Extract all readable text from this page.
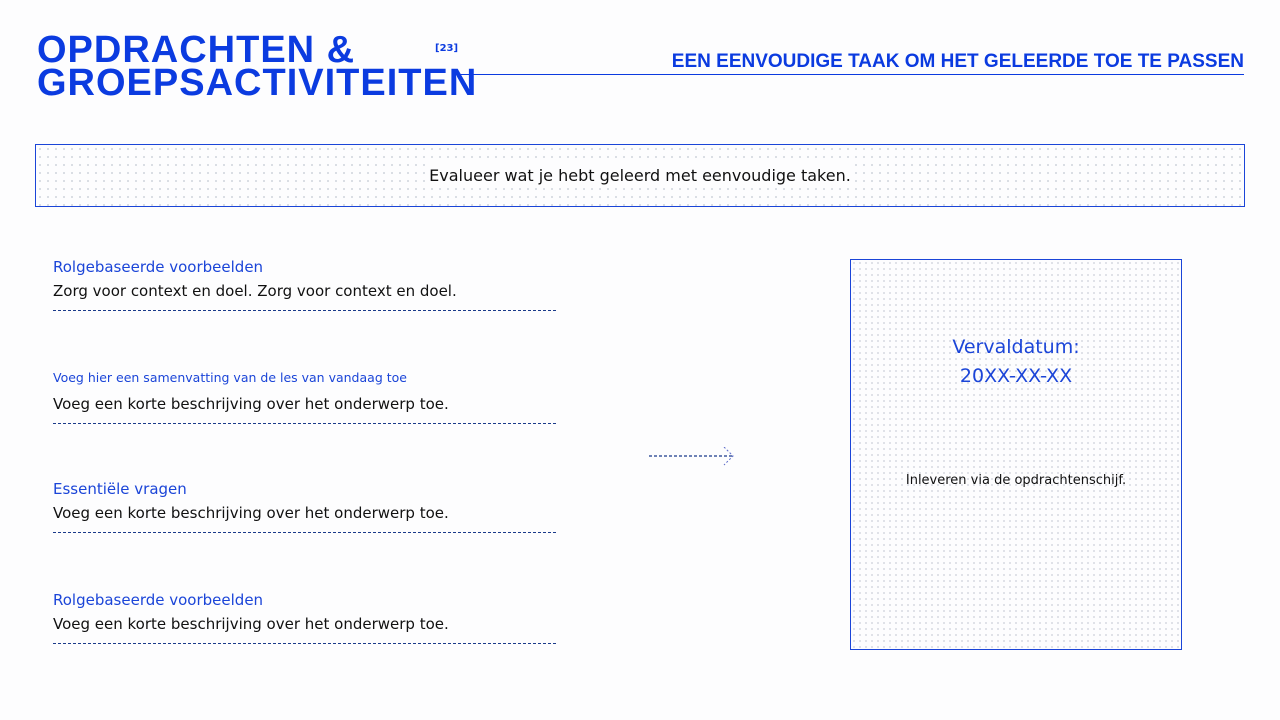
OPDRACHTEN &
GROEPSACTIVITEITEN
[23]
EEN EENVOUDIGE TAAK OM HET GELEERDE TOE TE PASSEN
Evalueer wat je hebt geleerd met eenvoudige taken.
Rolgebaseerde voorbeelden
Zorg voor context en doel. Zorg voor context en doel.
Voeg hier een samenvatting van de les van vandaag toe
Voeg een korte beschrijving over het onderwerp toe.
Essentiële vragen
Voeg een korte beschrijving over het onderwerp toe.
Rolgebaseerde voorbeelden
Voeg een korte beschrijving over het onderwerp toe.
Vervaldatum:
20XX-XX-XX
Inleveren via de opdrachtenschijf.
